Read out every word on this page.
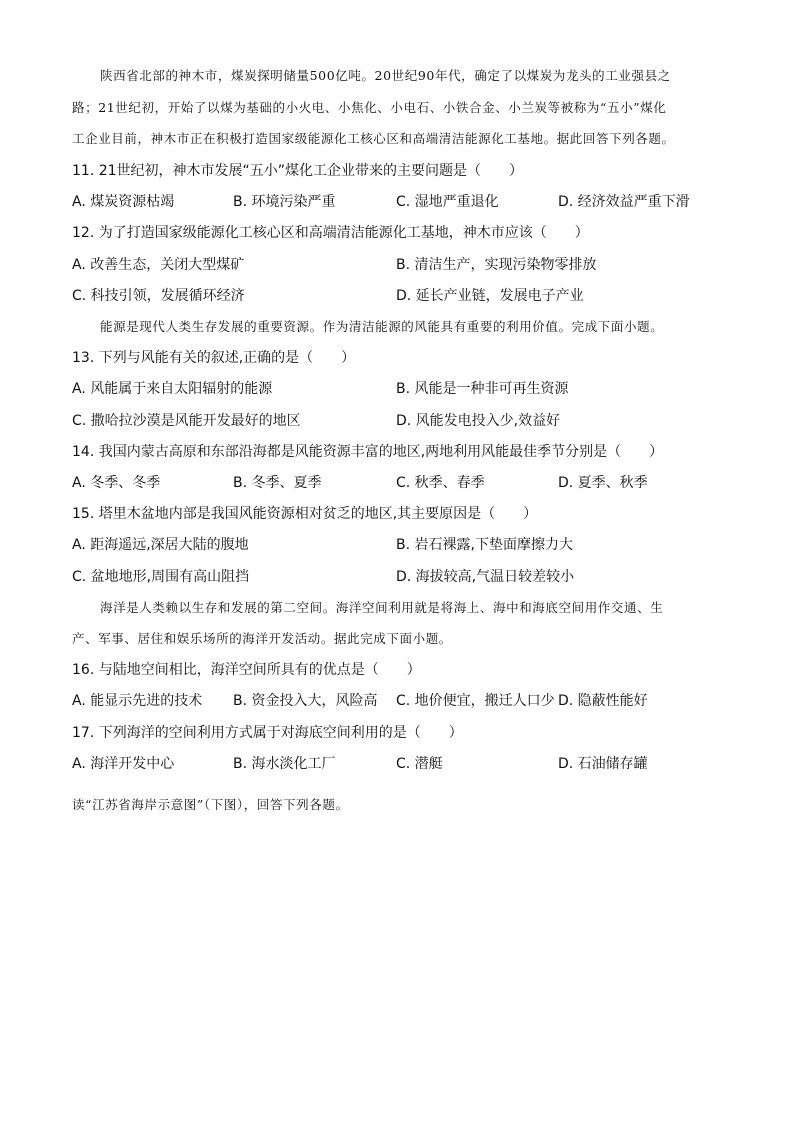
陕西省北部的神木市，煤炭探明储量500亿吨。20世纪90年代，确定了以煤炭为龙头的工业强县之
路；21世纪初，开始了以煤为基础的小火电、小焦化、小电石、小铁合金、小兰炭等被称为“五小”煤化
工企业目前，神木市正在积极打造国家级能源化工核心区和高端清洁能源化工基地。据此回答下列各题。
11. 21世纪初，神木市发展“五小”煤化工企业带来的主要问题是（　　）
A. 煤炭资源枯竭	B. 环境污染严重	C. 湿地严重退化	D. 经济效益严重下滑
12. 为了打造国家级能源化工核心区和高端清洁能源化工基地，神木市应该（　　）
A. 改善生态，关闭大型煤矿	B. 清洁生产，实现污染物零排放
C. 科技引领，发展循环经济	D. 延长产业链，发展电子产业
能源是现代人类生存发展的重要资源。作为清洁能源的风能具有重要的利用价值。完成下面小题。
13. 下列与风能有关的叙述,正确的是（　　）
A. 风能属于来自太阳辐射的能源	B. 风能是一种非可再生资源
C. 撒哈拉沙漠是风能开发最好的地区	D. 风能发电投入少,效益好
14. 我国内蒙古高原和东部沿海都是风能资源丰富的地区,两地利用风能最佳季节分别是（　　）
A. 冬季、冬季	B. 冬季、夏季	C. 秋季、春季	D. 夏季、秋季
15. 塔里木盆地内部是我国风能资源相对贫乏的地区,其主要原因是（　　）
A. 距海遥远,深居大陆的腹地	B. 岩石裸露,下垫面摩擦力大
C. 盆地地形,周围有高山阻挡	D. 海拔较高,气温日较差较小
海洋是人类赖以生存和发展的第二空间。海洋空间利用就是将海上、海中和海底空间用作交通、生
产、军事、居住和娱乐场所的海洋开发活动。据此完成下面小题。
16. 与陆地空间相比，海洋空间所具有的优点是（　　）
A. 能显示先进的技术 B. 资金投入大，风险高 C. 地价便宜，搬迁人口少 D. 隐蔽性能好
17. 下列海洋的空间利用方式属于对海底空间利用的是（　　）
A. 海洋开发中心	B. 海水淡化工厂	C. 潜艇	D. 石油储存罐
读“江苏省海岸示意图”（下图），回答下列各题。
